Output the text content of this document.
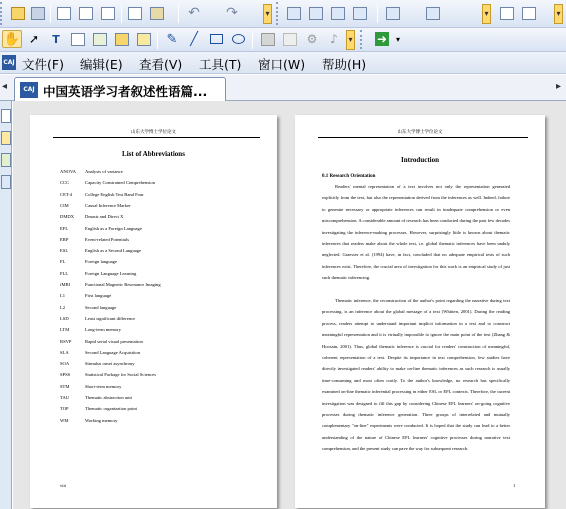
↶ ↷	▾	▾	▾
✋ ➚ T	✎ ╱	⚙ ♪	▾ ➜ ▾
CAJ 文件(F) 编辑(E) 查看(V) 工具(T) 窗口(W) 帮助(H)
◂	CAJ 中国英语学习者叙述性语篇...	▸
山东大学博士学位论文
List of Abbreviations
ANOVA	Analysis of variance
CCC	Capacity Constrained Comprehension
CET-4	College English Test Band Four
CIM	Causal Inference Marker
DMDX	Dmastr and Direct X
EFL	English as a Foreign Language
ERP	Event-related Potentials
ESL	English as a Second Language
FL	Foreign language
FLL	Foreign Language Learning
fMRI	Functional Magnetic Resonance Imaging
L1	First language
L2	Second language
LSD	Least significant difference
LTM	Long-term memory
RSVP	Rapid serial visual presentation
SLA	Second Language Acquisition
SOA	Stimulus onset asynchrony
SPSS	Statistical Package for Social Sciences
STM	Short-term memory
TAU	Thematic abstraction unit
TOP	Thematic organization point
WM	Working memory
viii
山东大学博士学位论文
Introduction
0.1 Research Orientation
Readers' mental representation of a text involves not only the representation generated explicitly from the text, but also the representation derived from the inferences as well. Indeed, failure to generate necessary or appropriate inferences can result in inadequate comprehension or even miscomprehension. A considerable amount of research has been conducted during the past few decades investigating the inference-making processes. However, surprisingly little is known about thematic inferences that readers make about the whole text, i.e. global thematic inferences have been unduly neglected. Graesser et al. (1994) have, in fact, concluded that no adequate empirical tests of such inferences exist. Therefore, the crucial area of investigation for this work is an empirical study of just such thematic inferencing.
Thematic inference, the reconstruction of the author's point regarding the narrative during text processing, is an inference about the global message of a text (Whitten, 2001). During the reading process, readers attempt to understand important implicit information in a text and to construct meaningful representation and it is virtually impossible to ignore the main point of the text (Zhang & Hoosain, 2001). Thus, global thematic inference is crucial for readers' construction of meaningful, coherent representation of a text. Despite its importance in text comprehension, few studies have directly investigated readers' ability to make on-line thematic inferences as such research is usually time-consuming and most often costly. To the author's knowledge, no research has specifically examined on-line thematic inferential processing in either ESL or EFL contexts. Therefore, the current investigation was designed to fill this gap by considering Chinese EFL learners' on-going cognitive processes during thematic inference generation. Three groups of interrelated and mutually complementary "on-line" experiments were conducted. It is hoped that the study can lead to a better understanding of the nature of Chinese EFL learners' cognitive processes during narrative text comprehension, and the present study can pave the way for subsequent research.
1
